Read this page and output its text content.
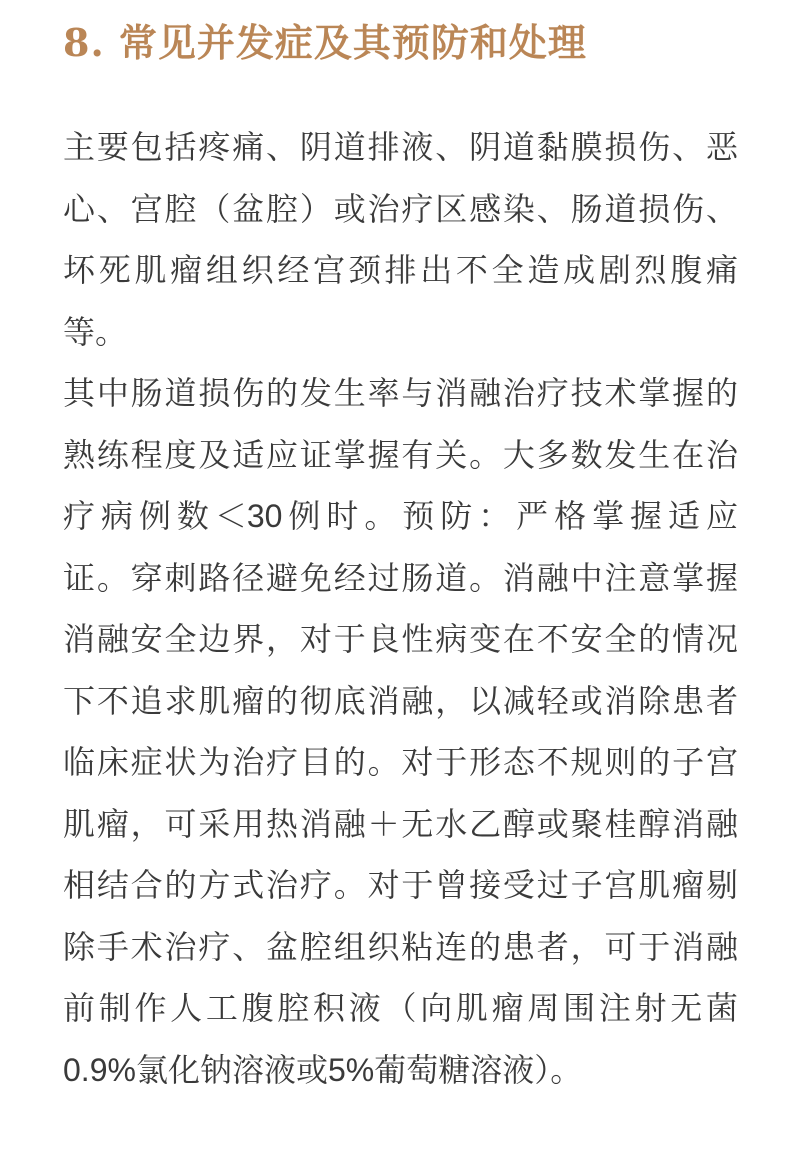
8. 常见并发症及其预防和处理
主要包括疼痛、阴道排液、阴道黏膜损伤、恶
心、宫腔（盆腔）或治疗区感染、肠道损伤、
坏死肌瘤组织经宫颈排出不全造成剧烈腹痛
等。
其中肠道损伤的发生率与消融治疗技术掌握的
熟练程度及适应证掌握有关。大多数发生在治
疗病例数＜30例时。预防：严格掌握适应
证。穿刺路径避免经过肠道。消融中注意掌握
消融安全边界，对于良性病变在不安全的情况
下不追求肌瘤的彻底消融，以减轻或消除患者
临床症状为治疗目的。对于形态不规则的子宫
肌瘤，可采用热消融＋无水乙醇或聚桂醇消融
相结合的方式治疗。对于曾接受过子宫肌瘤剔
除手术治疗、盆腔组织粘连的患者，可于消融
前制作人工腹腔积液（向肌瘤周围注射无菌
0.9%氯化钠溶液或5%葡萄糖溶液）。
